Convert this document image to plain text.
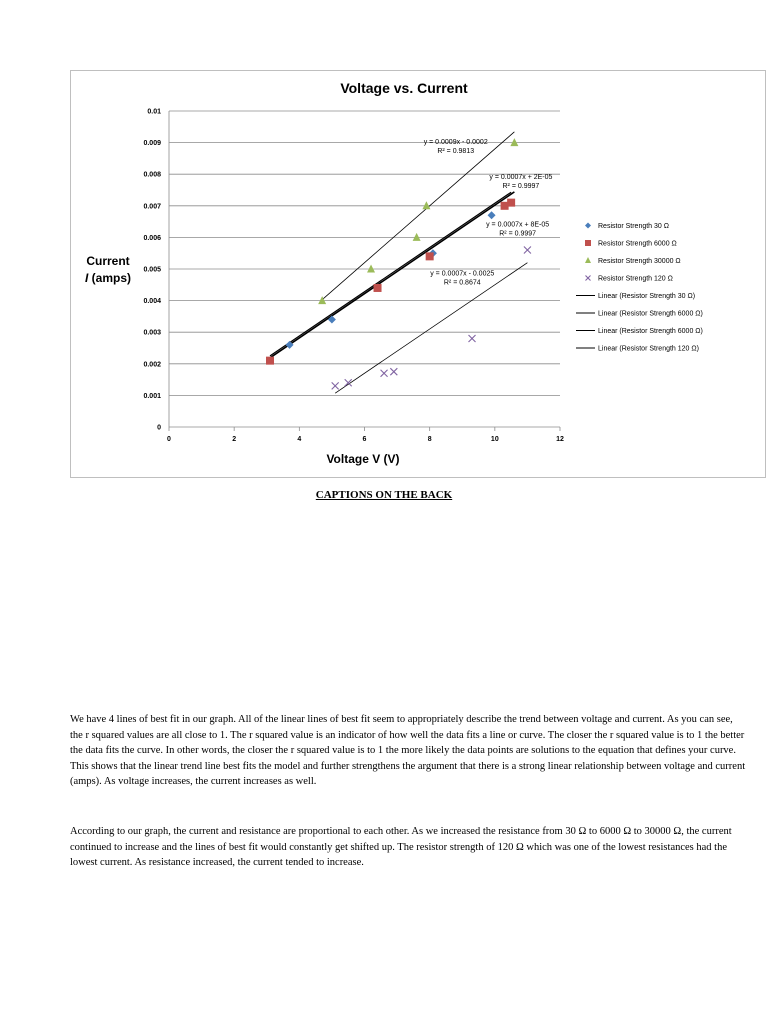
0
0.001
0.002
0.003
0.004
0.005
0.006
0.007
0.008
0.009
0.01
0	2	4	6	8	10	12
y = 0.0009x - 0.0002
R² = 0.9813
y = 0.0007x + 2E-05
R² = 0.9997
y = 0.0007x + 8E-05
R² = 0.9997
y = 0.0007x - 0.0025
R² = 0.8674
Resistor Strength 30 Ω
Resistor Strength 6000 Ω
Resistor Strength 30000 Ω
Resistor Strength 120 Ω
Linear (Resistor Strength 30 Ω)
Linear (Resistor Strength 6000 Ω)
Linear (Resistor Strength 6000 Ω)
Linear (Resistor Strength 120 Ω)
Voltage vs. Current
Voltage V (V)
Current
I (amps)
CAPTIONS ON THE BACK

We have 4 lines of best fit in our graph. All of the linear lines of best fit seem to appropriately describe the trend between voltage and current. As you can see, the r squared values are all close to 1. The r squared value is an indicator of how well the data fits a line or curve. The closer the r squared value is to 1 the better the data fits the curve. In other words, the closer the r squared value is to 1 the more likely the data points are solutions to the equation that defines your curve. This shows that the linear trend line best fits the model and further strengthens the argument that there is a strong linear relationship between voltage and current (amps). As voltage increases, the current increases as well.

According to our graph, the current and resistance are proportional to each other. As we increased the resistance from 30 Ω to 6000 Ω to 30000 Ω, the current continued to increase and the lines of best fit would constantly get shifted up. The resistor strength of 120 Ω which was one of the lowest resistances had the lowest current. As resistance increased, the current tended to increase.
